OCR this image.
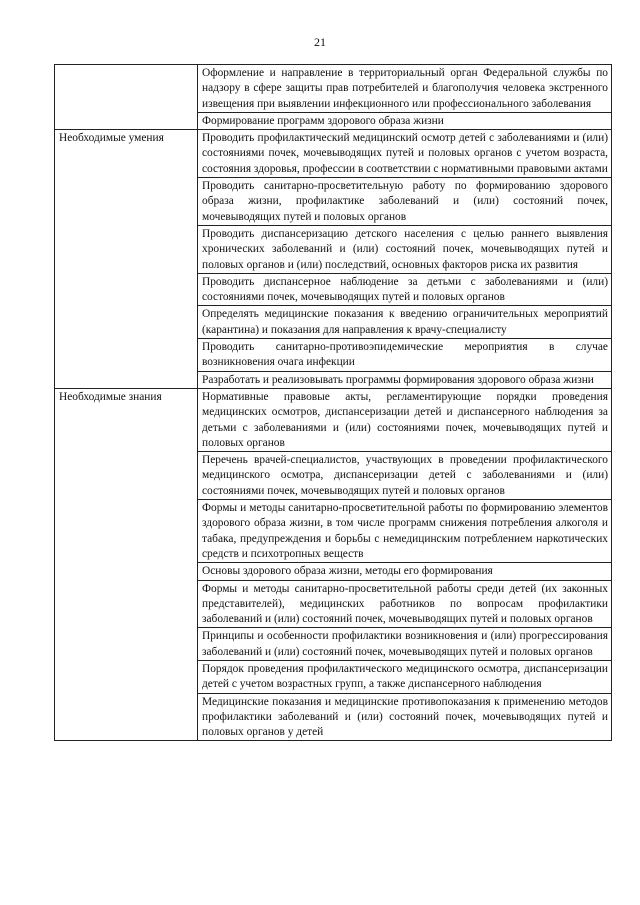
21
	Оформление и направление в территориальный орган Федеральной службы по надзору в сфере защиты прав потребителей и благополучия человека экстренного извещения при выявлении инфекционного или профессионального заболевания
	Формирование программ здорового образа жизни
Необходимые умения	Проводить профилактический медицинский осмотр детей с заболеваниями и (или) состояниями почек, мочевыводящих путей и половых органов с учетом возраста, состояния здоровья, профессии в соответствии с нормативными правовыми актами
	Проводить санитарно-просветительную работу по формированию здорового образа жизни, профилактике заболеваний и (или) состояний почек, мочевыводящих путей и половых органов
	Проводить диспансеризацию детского населения с целью раннего выявления хронических заболеваний и (или) состояний почек, мочевыводящих путей и половых органов и (или) последствий, основных факторов риска их развития
	Проводить диспансерное наблюдение за детьми с заболеваниями и (или) состояниями почек, мочевыводящих путей и половых органов
	Определять медицинские показания к введению ограничительных мероприятий (карантина) и показания для направления к врачу-специалисту
	Проводить санитарно-противоэпидемические мероприятия в случае возникновения очага инфекции
	Разработать и реализовывать программы формирования здорового образа жизни
Необходимые знания	Нормативные правовые акты, регламентирующие порядки проведения медицинских осмотров, диспансеризации детей и диспансерного наблюдения за детьми с заболеваниями и (или) состояниями почек, мочевыводящих путей и половых органов
	Перечень врачей-специалистов, участвующих в проведении профилактического медицинского осмотра, диспансеризации детей с заболеваниями и (или) состояниями почек, мочевыводящих путей и половых органов
	Формы и методы санитарно-просветительной работы по формированию элементов здорового образа жизни, в том числе программ снижения потребления алкоголя и табака, предупреждения и борьбы с немедицинским потреблением наркотических средств и психотропных веществ
	Основы здорового образа жизни, методы его формирования
	Формы и методы санитарно-просветительной работы среди детей (их законных представителей), медицинских работников по вопросам профилактики заболеваний и (или) состояний почек, мочевыводящих путей и половых органов
	Принципы и особенности профилактики возникновения и (или) прогрессирования заболеваний и (или) состояний почек, мочевыводящих путей и половых органов
	Порядок проведения профилактического медицинского осмотра, диспансеризации детей с учетом возрастных групп, а также диспансерного наблюдения
	Медицинские показания и медицинские противопоказания к применению методов профилактики заболеваний и (или) состояний почек, мочевыводящих путей и половых органов у детей
